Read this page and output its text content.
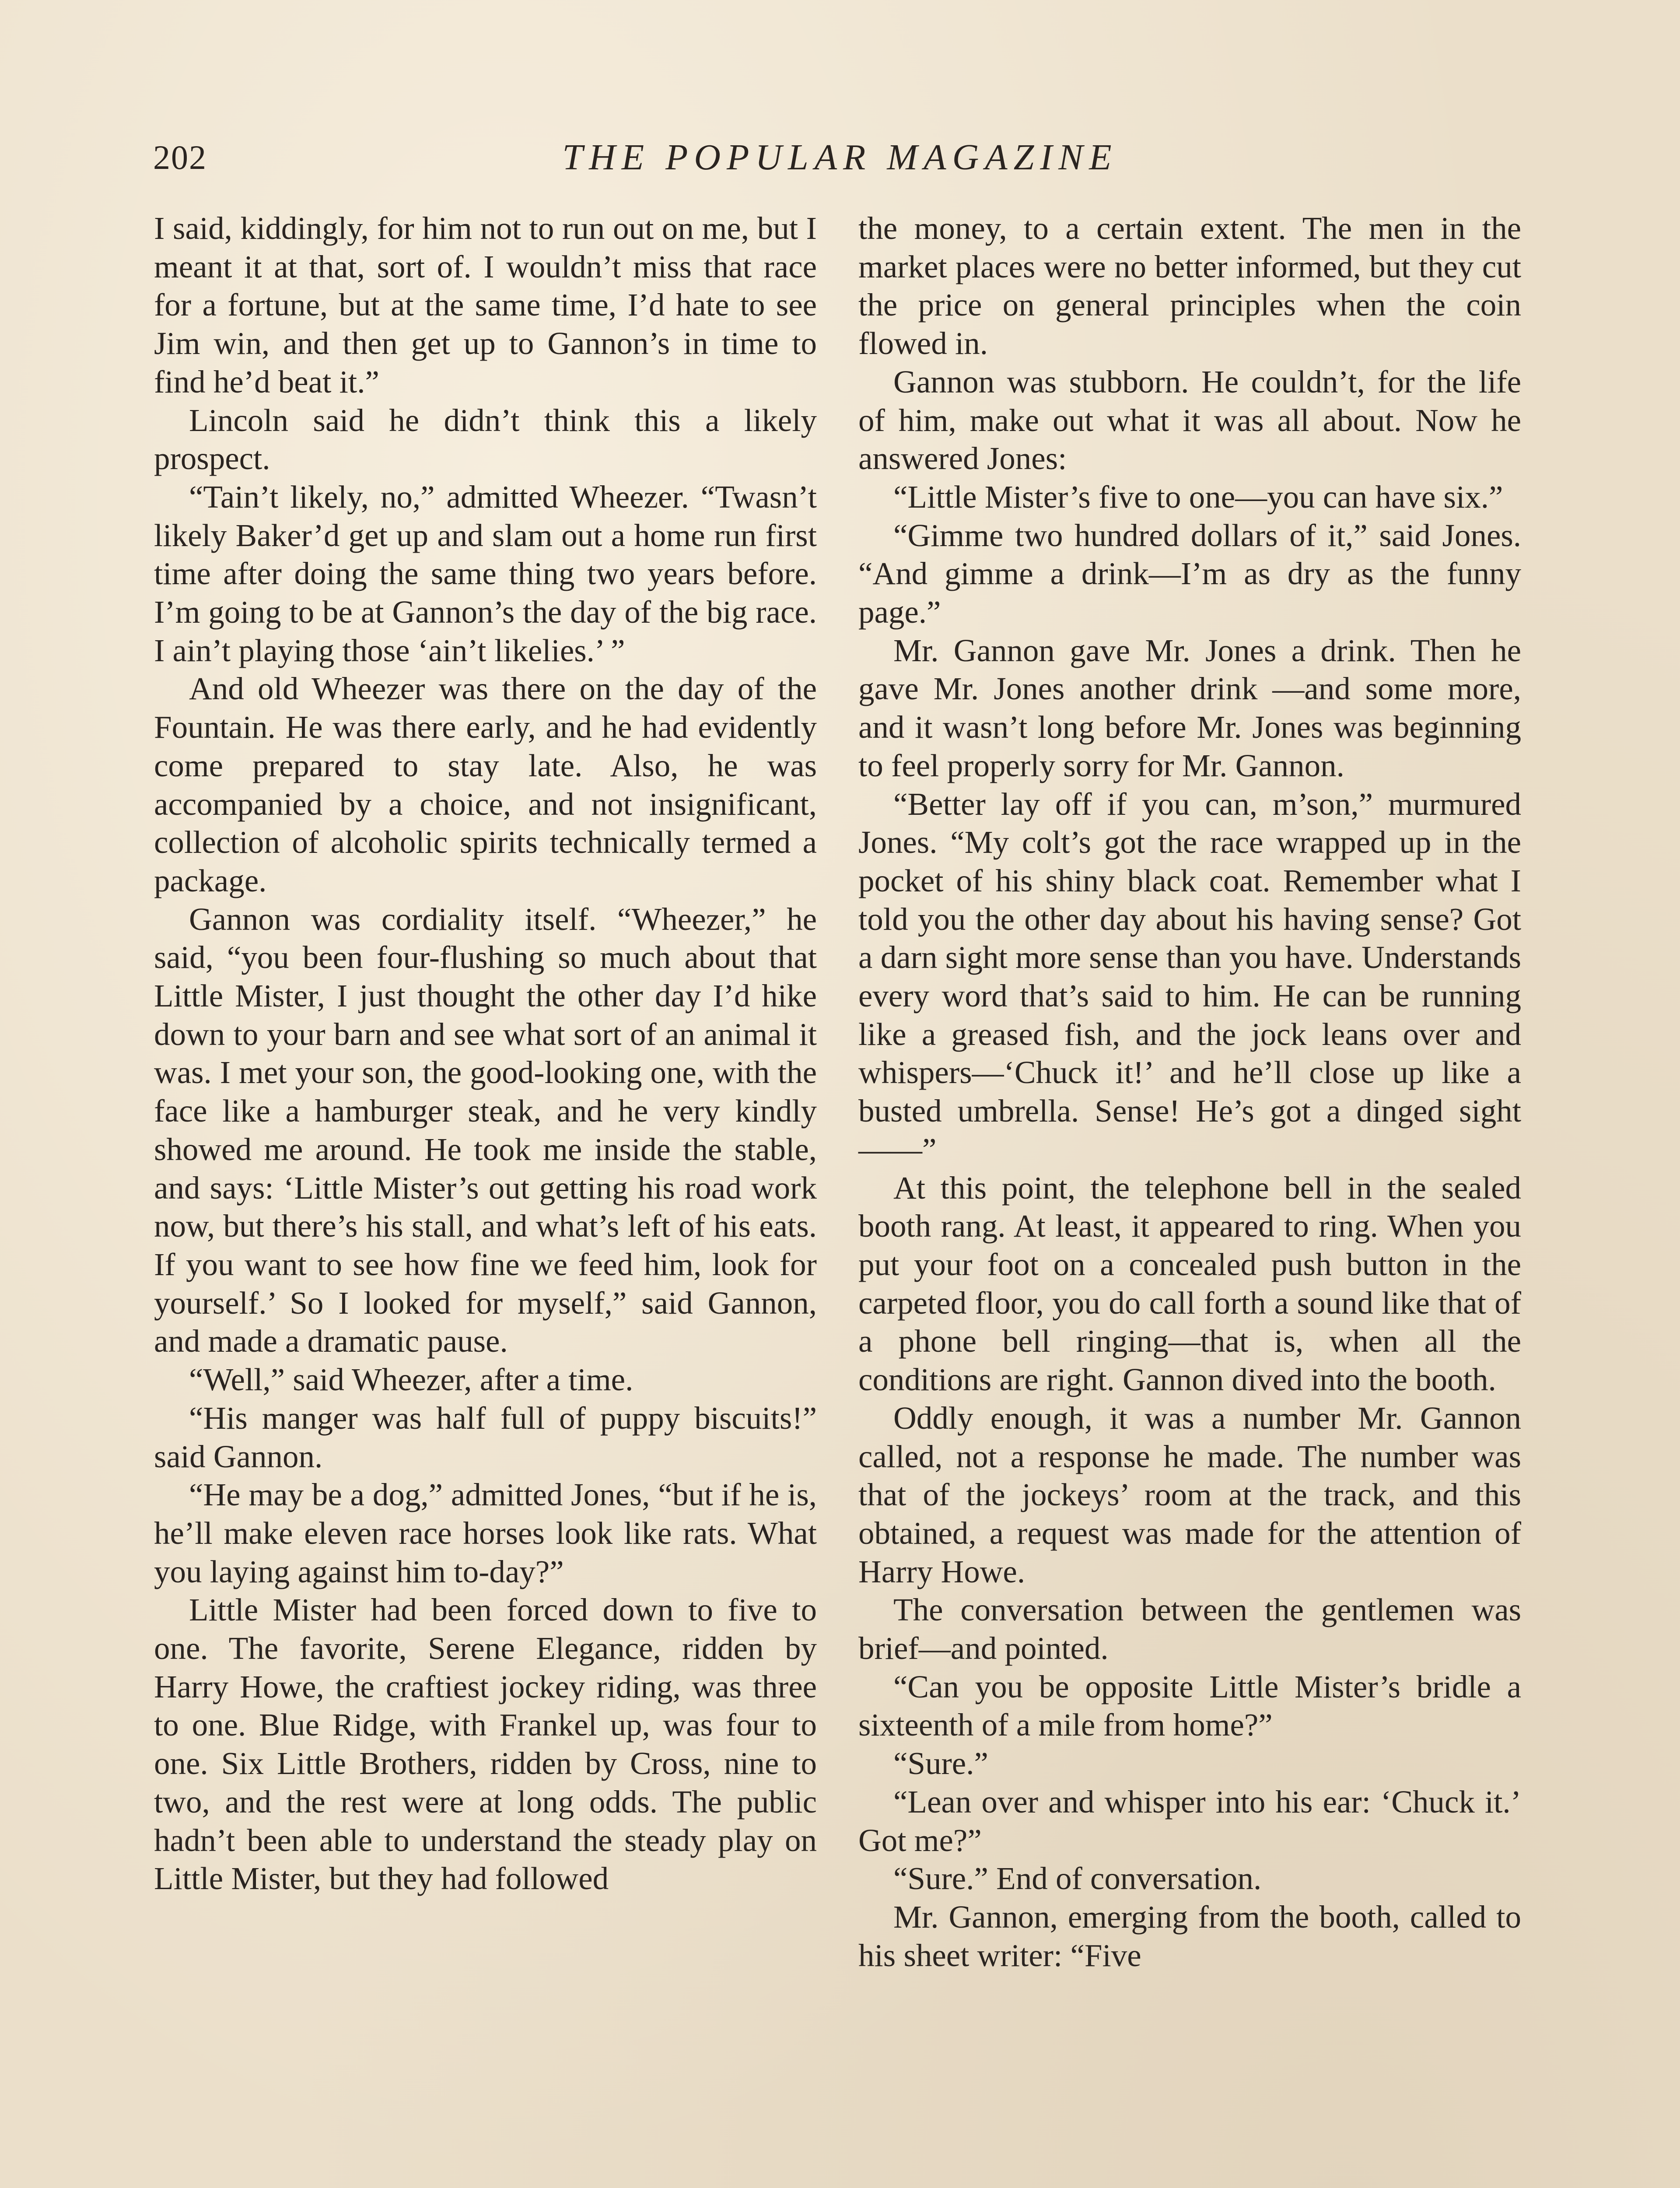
202	THE POPULAR MAGAZINE

I said, kiddingly, for him not to run out on me, but I meant it at that, sort of. I wouldn’t miss that race for a fortune, but at the same time, I’d hate to see Jim win, and then get up to Gannon’s in time to find he’d beat it.”

Lincoln said he didn’t think this a likely prospect.

“Tain’t likely, no,” admitted Wheezer. “Twasn’t likely Baker’d get up and slam out a home run first time after doing the same thing two years before. I’m going to be at Gannon’s the day of the big race. I ain’t playing those ‘ain’t likelies.’ ”

And old Wheezer was there on the day of the Fountain. He was there early, and he had evidently come prepared to stay late. Also, he was accompanied by a choice, and not insignificant, collection of alcoholic spirits technically termed a package.

Gannon was cordiality itself. “Wheezer,” he said, “you been four-flushing so much about that Little Mister, I just thought the other day I’d hike down to your barn and see what sort of an animal it was. I met your son, the good-looking one, with the face like a hamburger steak, and he very kindly showed me around. He took me inside the stable, and says: ‘Little Mister’s out getting his road work now, but there’s his stall, and what’s left of his eats. If you want to see how fine we feed him, look for yourself.’ So I looked for myself,” said Gannon, and made a dramatic pause.

“Well,” said Wheezer, after a time.

“His manger was half full of puppy biscuits!” said Gannon.

“He may be a dog,” admitted Jones, “but if he is, he’ll make eleven race horses look like rats. What you laying against him to-day?”

Little Mister had been forced down to five to one. The favorite, Serene Elegance, ridden by Harry Howe, the craftiest jockey riding, was three to one. Blue Ridge, with Frankel up, was four to one. Six Little Brothers, ridden by Cross, nine to two, and the rest were at long odds. The public hadn’t been able to understand the steady play on Little Mister, but they had followed

the money, to a certain extent. The men in the market places were no better informed, but they cut the price on general principles when the coin flowed in.

Gannon was stubborn. He couldn’t, for the life of him, make out what it was all about. Now he answered Jones:

“Little Mister’s five to one—you can have six.”

“Gimme two hundred dollars of it,” said Jones. “And gimme a drink—I’m as dry as the funny page.”

Mr. Gannon gave Mr. Jones a drink. Then he gave Mr. Jones another drink —and some more, and it wasn’t long before Mr. Jones was beginning to feel properly sorry for Mr. Gannon.

“Better lay off if you can, m’son,” murmured Jones. “My colt’s got the race wrapped up in the pocket of his shiny black coat. Remember what I told you the other day about his having sense? Got a darn sight more sense than you have. Understands every word that’s said to him. He can be running like a greased fish, and the jock leans over and whispers—‘Chuck it!’ and he’ll close up like a busted umbrella. Sense! He’s got a dinged sight——”

At this point, the telephone bell in the sealed booth rang. At least, it appeared to ring. When you put your foot on a concealed push button in the carpeted floor, you do call forth a sound like that of a phone bell ringing—that is, when all the conditions are right. Gannon dived into the booth.

Oddly enough, it was a number Mr. Gannon called, not a response he made. The number was that of the jockeys’ room at the track, and this obtained, a request was made for the attention of Harry Howe.

The conversation between the gentlemen was brief—and pointed.

“Can you be opposite Little Mister’s bridle a sixteenth of a mile from home?”

“Sure.”

“Lean over and whisper into his ear: ‘Chuck it.’ Got me?”

“Sure.” End of conversation.

Mr. Gannon, emerging from the booth, called to his sheet writer: “Five
